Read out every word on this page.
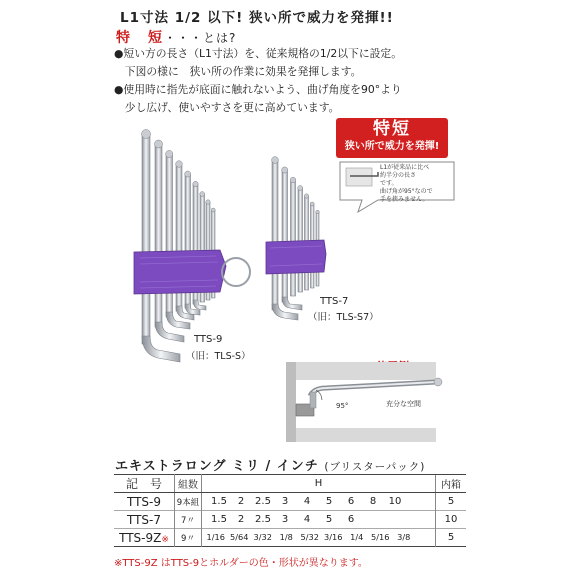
L1寸法 1/2 以下! 狭い所で威力を発揮!!
特　短・・・とは?
●短い方の長さ（L1寸法）を、従来規格の1/2以下に設定。
　下図の様に　狭い所の作業に効果を発揮します。
●使用時に指先が底面に触れないよう、曲げ角度を90°より
　少し広げ、使いやすさを更に高めています。
特短
狭い所で威力を発揮!
L1が従来品に比べ
約半分の長さ
です。
曲げ角が95°なので
手を挟みません。
TTS-7
（旧：TLS-S7）
TTS-9
（旧：TLS-S）
95°	充分な空間
エキストラロング ミリ / インチ (ブリスターパック)
記　号	組数	H	内箱
TTS-9	9本組	1.5 2 2.5 3 4 5 6 8 10	5
TTS-7	7〃	1.5 2 2.5 3 4 5 6	10
TTS-9Z※	9〃	1/16 5/64 3/32 1/8 5/32 3/16 1/4 5/16 3/8	5
※TTS-9Z はTTS-9とホルダーの色・形状が異なります。
